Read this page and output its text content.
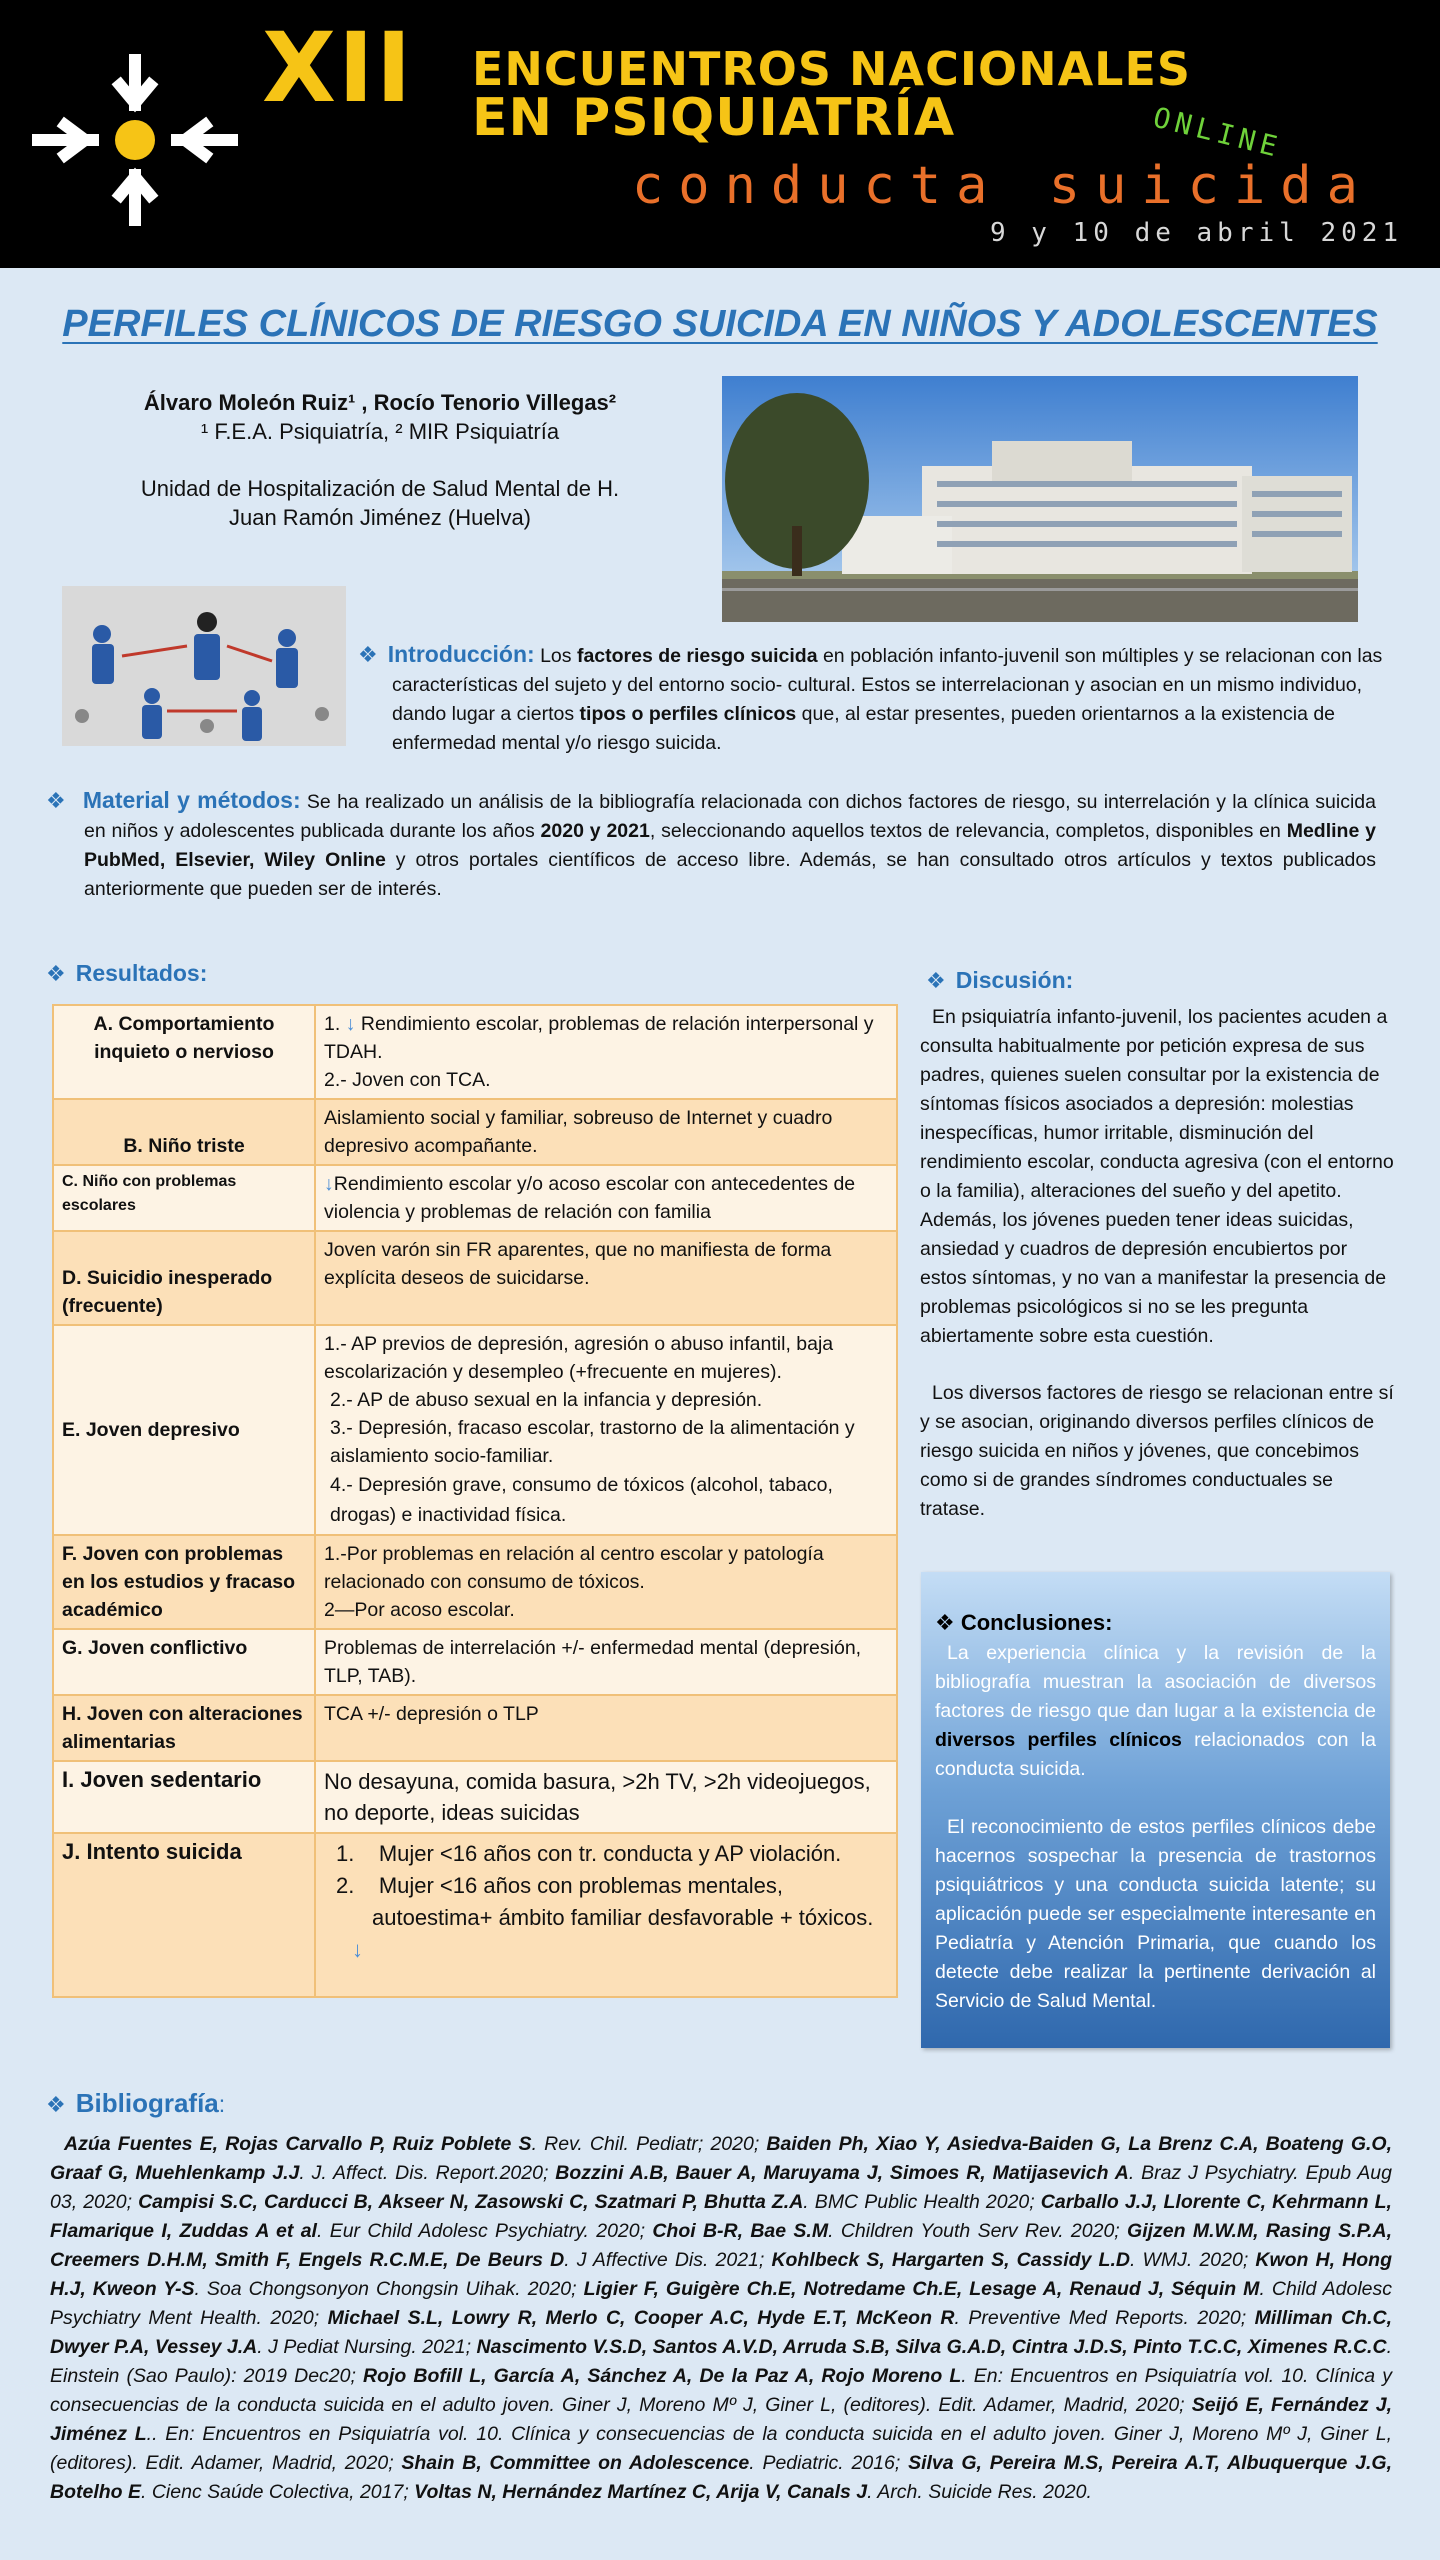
XII ENCUENTROS NACIONALES
EN PSIQUIATRÍA	ONLINE
conducta suicida
9 y 10 de abril 2021
PERFILES CLÍNICOS DE RIESGO SUICIDA EN NIÑOS Y ADOLESCENTES
Álvaro Moleón Ruiz¹ , Rocío Tenorio Villegas²
¹ F.E.A. Psiquiatría, ² MIR Psiquiatría
Unidad de Hospitalización de Salud Mental de H.
Juan Ramón Jiménez (Huelva)
❖ Introducción: Los factores de riesgo suicida en población infanto-juvenil son múltiples y se relacionan con las características del sujeto y del entorno socio- cultural. Estos se interrelacionan y asocian en un mismo individuo, dando lugar a ciertos tipos o perfiles clínicos que, al estar presentes, pueden orientarnos a la existencia de enfermedad mental y/o riesgo suicida.
❖ Material y métodos: Se ha realizado un análisis de la bibliografía relacionada con dichos factores de riesgo, su interrelación y la clínica suicida en niños y adolescentes publicada durante los años 2020 y 2021, seleccionando aquellos textos de relevancia, completos, disponibles en Medline y PubMed, Elsevier, Wiley Online y otros portales científicos de acceso libre. Además, se han consultado otros artículos y textos publicados anteriormente que pueden ser de interés.
❖ Resultados:
A. Comportamiento inquieto o nervioso	1. ↓ Rendimiento escolar, problemas de relación interpersonal y TDAH.
2.- Joven con TCA.

B. Niño triste	Aislamiento social y familiar, sobreuso de Internet y cuadro depresivo acompañante.
C. Niño con problemas escolares	↓Rendimiento escolar y/o acoso escolar con antecedentes de violencia y problemas de relación con familia
D. Suicidio inesperado (frecuente)	Joven varón sin FR aparentes, que no manifiesta de forma explícita deseos de suicidarse.
E. Joven depresivo	1.- AP previos de depresión, agresión o abuso infantil, baja escolarización y desempleo (+frecuente en mujeres).
2.- AP de abuso sexual en la infancia y depresión.
3.- Depresión, fracaso escolar, trastorno de la alimentación y aislamiento socio-familiar.
4.- Depresión grave, consumo de tóxicos (alcohol, tabaco, drogas) e inactividad física.

F. Joven con problemas en los estudios y fracaso académico	1.-Por problemas en relación al centro escolar y patología relacionado con consumo de tóxicos.
2—Por acoso escolar.

G. Joven conflictivo	Problemas de interrelación +/- enfermedad mental (depresión, TLP, TAB).
H. Joven con alteraciones alimentarias	TCA +/- depresión o TLP
I. Joven sedentario	No desayuna, comida basura, >2h TV, >2h videojuegos, no deporte, ideas suicidas
J. Intento suicida	1. Mujer <16 años con tr. conducta y AP violación.
2. Mujer <16 años con problemas mentales, autoestima+ ámbito familiar desfavorable + tóxicos.
↓
❖ Discusión:
En psiquiatría infanto-juvenil, los pacientes acuden a consulta habitualmente por petición expresa de sus padres, quienes suelen consultar por la existencia de síntomas físicos asociados a depresión: molestias inespecíficas, humor irritable, disminución del rendimiento escolar, conducta agresiva (con el entorno o la familia), alteraciones del sueño y del apetito. Además, los jóvenes pueden tener ideas suicidas, ansiedad y cuadros de depresión encubiertos por estos síntomas, y no van a manifestar la presencia de problemas psicológicos si no se les pregunta abiertamente sobre esta cuestión.
Los diversos factores de riesgo se relacionan entre sí y se asocian, originando diversos perfiles clínicos de riesgo suicida en niños y jóvenes, que concebimos como si de grandes síndromes conductuales se tratase.
❖ Conclusiones:
La experiencia clínica y la revisión de la bibliografía muestran la asociación de diversos factores de riesgo que dan lugar a la existencia de diversos perfiles clínicos relacionados con la conducta suicida.
El reconocimiento de estos perfiles clínicos debe hacernos sospechar la presencia de trastornos psiquiátricos y una conducta suicida latente; su aplicación puede ser especialmente interesante en Pediatría y Atención Primaria, que cuando los detecte debe realizar la pertinente derivación al Servicio de Salud Mental.
❖ Bibliografía:
Azúa Fuentes E, Rojas Carvallo P, Ruiz Poblete S. Rev. Chil. Pediatr; 2020; Baiden Ph, Xiao Y, Asiedva-Baiden G, La Brenz C.A, Boateng G.O, Graaf G, Muehlenkamp J.J. J. Affect. Dis. Report.2020; Bozzini A.B, Bauer A, Maruyama J, Simoes R, Matijasevich A. Braz J Psychiatry. Epub Aug 03, 2020; Campisi S.C, Carducci B, Akseer N, Zasowski C, Szatmari P, Bhutta Z.A. BMC Public Health 2020; Carballo J.J, Llorente C, Kehrmann L, Flamarique I, Zuddas A et al. Eur Child Adolesc Psychiatry. 2020; Choi B-R, Bae S.M. Children Youth Serv Rev. 2020; Gijzen M.W.M, Rasing S.P.A, Creemers D.H.M, Smith F, Engels R.C.M.E, De Beurs D. J Affective Dis. 2021; Kohlbeck S, Hargarten S, Cassidy L.D. WMJ. 2020; Kwon H, Hong H.J, Kweon Y-S. Soa Chongsonyon Chongsin Uihak. 2020; Ligier F, Guigère Ch.E, Notredame Ch.E, Lesage A, Renaud J, Séquin M. Child Adolesc Psychiatry Ment Health. 2020; Michael S.L, Lowry R, Merlo C, Cooper A.C, Hyde E.T, McKeon R. Preventive Med Reports. 2020; Milliman Ch.C, Dwyer P.A, Vessey J.A. J Pediat Nursing. 2021; Nascimento V.S.D, Santos A.V.D, Arruda S.B, Silva G.A.D, Cintra J.D.S, Pinto T.C.C, Ximenes R.C.C. Einstein (Sao Paulo): 2019 Dec20; Rojo Bofill L, García A, Sánchez A, De la Paz A, Rojo Moreno L. En: Encuentros en Psiquiatría vol. 10. Clínica y consecuencias de la conducta suicida en el adulto joven. Giner J, Moreno Mº J, Giner L, (editores). Edit. Adamer, Madrid, 2020; Seijó E, Fernández J, Jiménez L.. En: Encuentros en Psiquiatría vol. 10. Clínica y consecuencias de la conducta suicida en el adulto joven. Giner J, Moreno Mº J, Giner L, (editores). Edit. Adamer, Madrid, 2020; Shain B, Committee on Adolescence. Pediatric. 2016; Silva G, Pereira M.S, Pereira A.T, Albuquerque J.G, Botelho E. Cienc Saúde Colectiva, 2017; Voltas N, Hernández Martínez C, Arija V, Canals J. Arch. Suicide Res. 2020.
